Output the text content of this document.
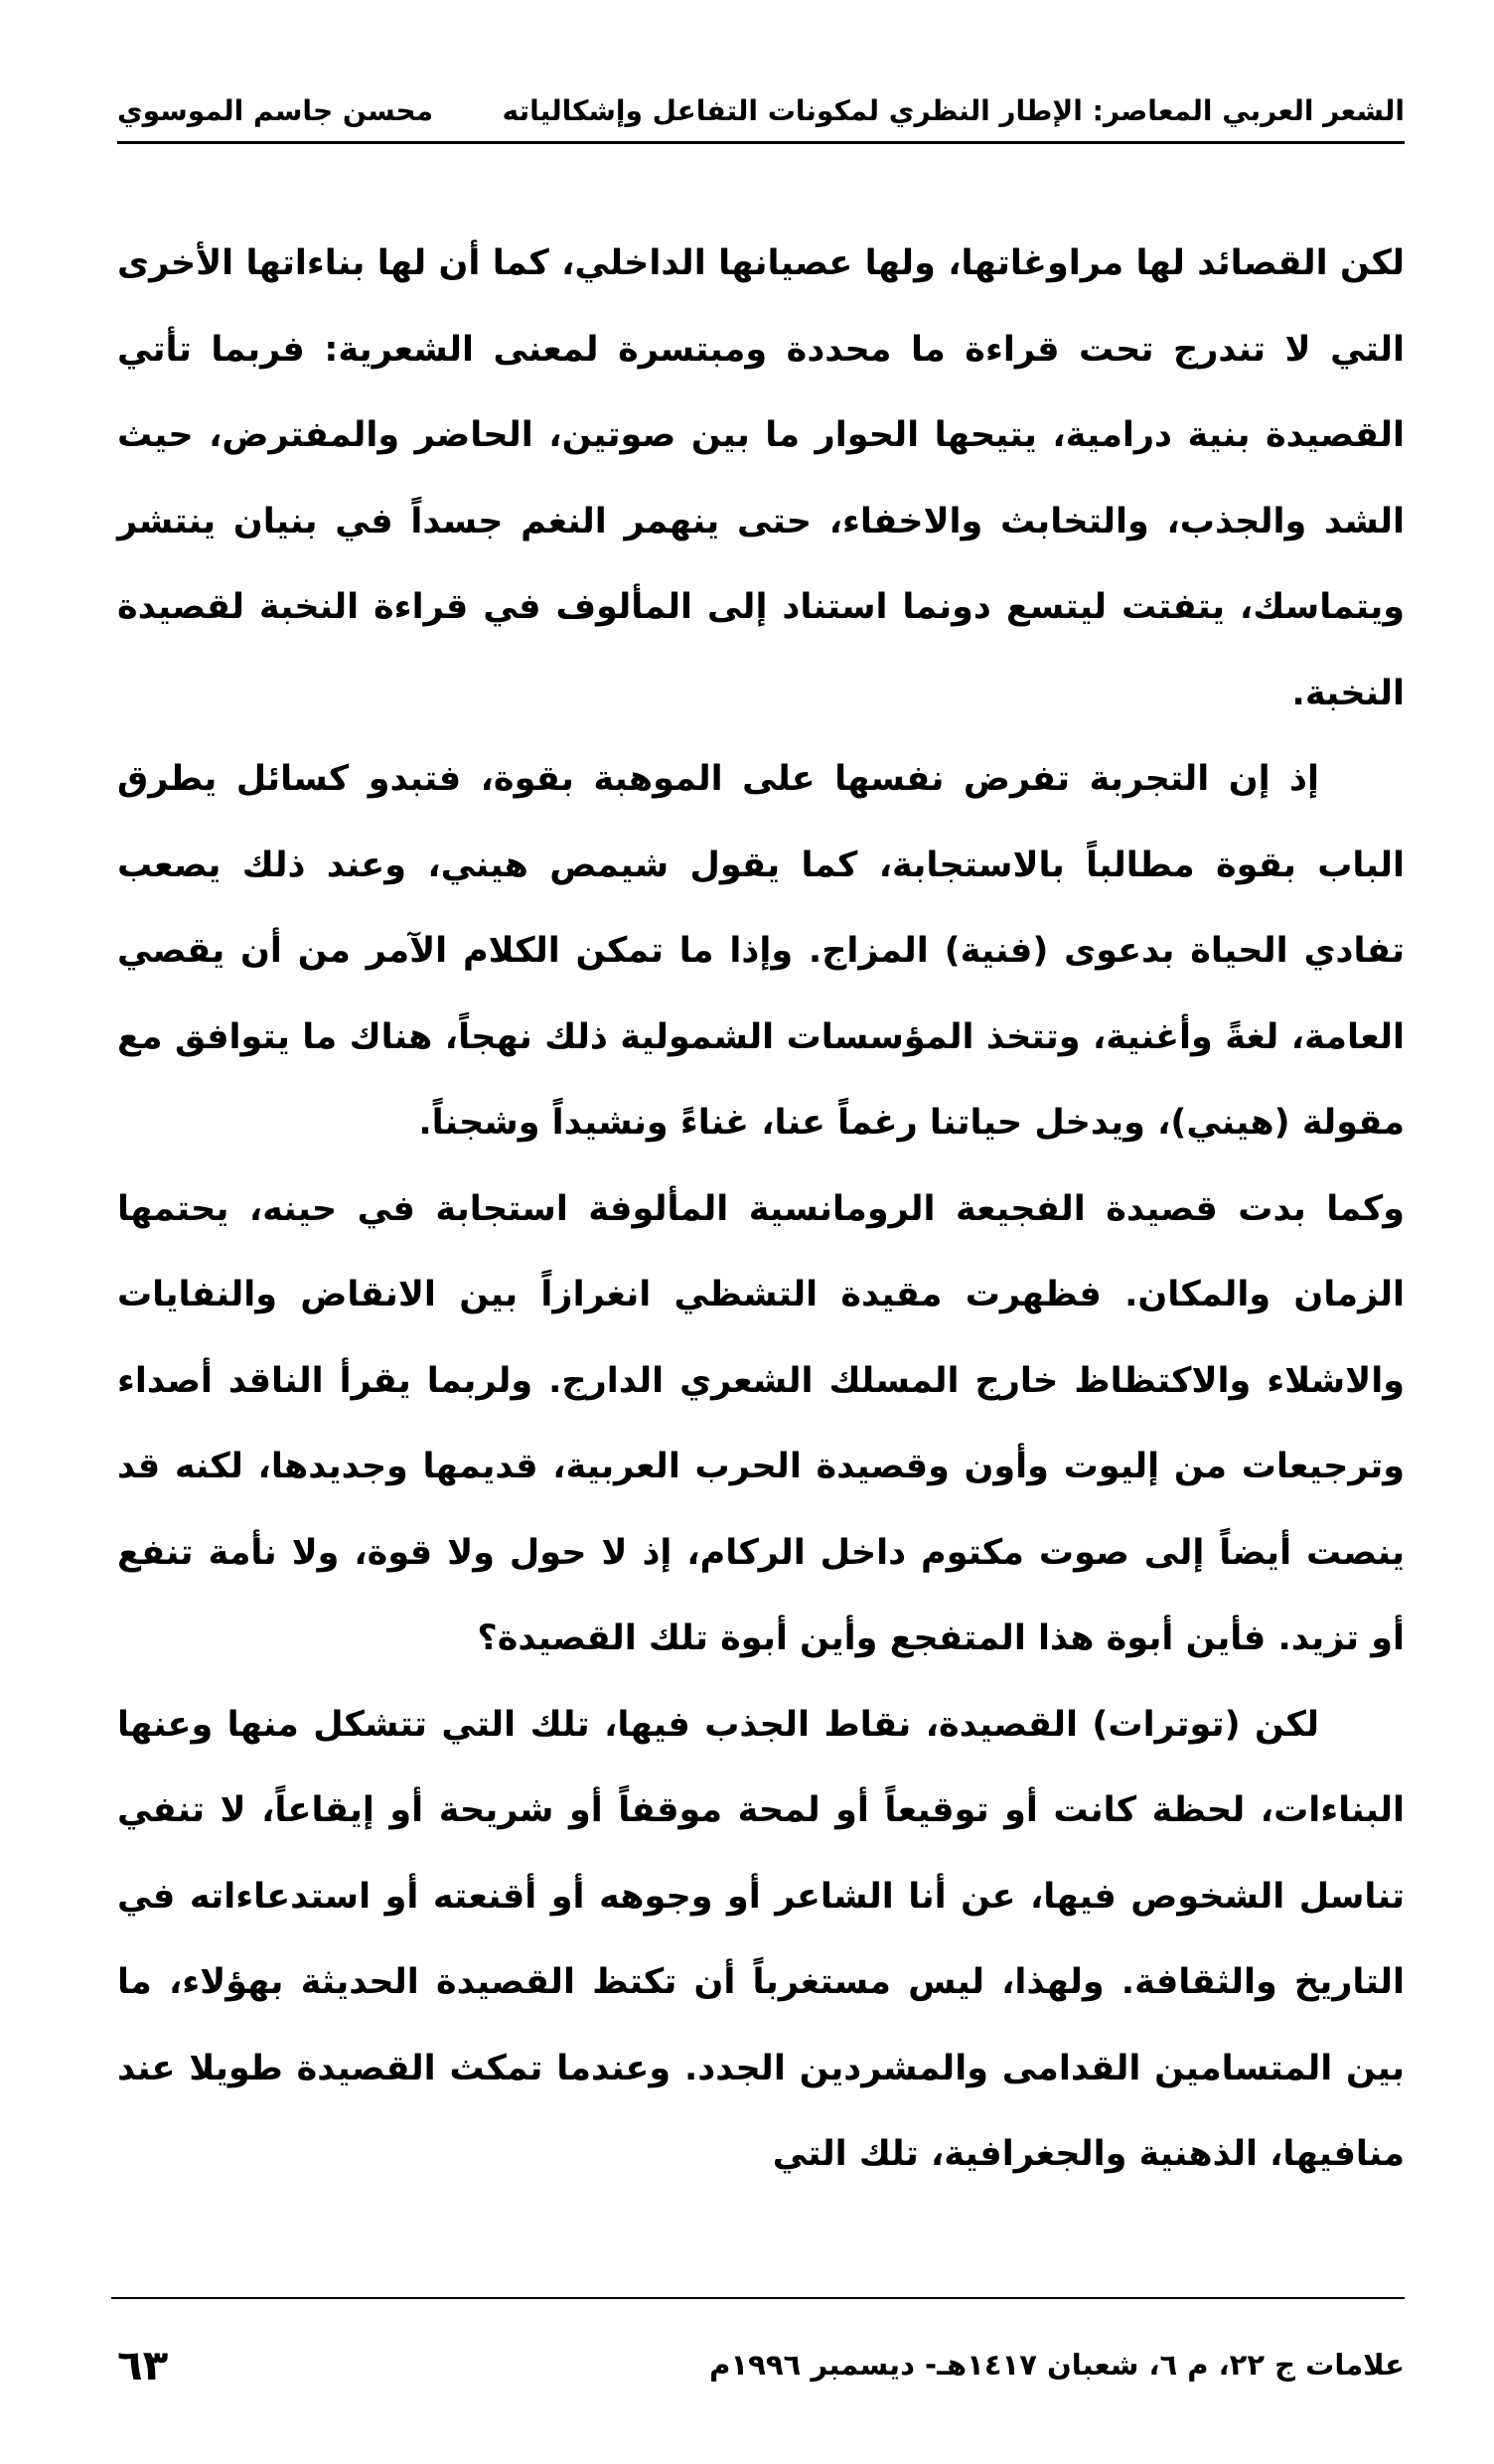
الشعر العربي المعاصر: الإطار النظري لمكونات التفاعل وإشكالياته
محسن جاسم الموسوي

لكن القصائد لها مراوغاتها، ولها عصيانها الداخلي، كما أن لها بناءاتها الأخرى التي لا تندرج تحت قراءة ما محددة ومبتسرة لمعنى الشعرية: فربما تأتي القصيدة بنية درامية، يتيحها الحوار ما بين صوتين، الحاضر والمفترض، حيث الشد والجذب، والتخابث والاخفاء، حتى ينهمر النغم جسداً في بنيان ينتشر ويتماسك، يتفتت ليتسع دونما استناد إلى المألوف في قراءة النخبة لقصيدة النخبة.

إذ إن التجربة تفرض نفسها على الموهبة بقوة، فتبدو كسائل يطرق الباب بقوة مطالباً بالاستجابة، كما يقول شيمص هيني، وعند ذلك يصعب تفادي الحياة بدعوى (فنية) المزاج. وإذا ما تمكن الكلام الآمر من أن يقصي العامة، لغةً وأغنية، وتتخذ المؤسسات الشمولية ذلك نهجاً، هناك ما يتوافق مع مقولة (هيني)، ويدخل حياتنا رغماً عنا، غناءً ونشيداً وشجناً.

وكما بدت قصيدة الفجيعة الرومانسية المألوفة استجابة في حينه، يحتمها الزمان والمكان. فظهرت مقيدة التشظي انغرازاً بين الانقاض والنفايات والاشلاء والاكتظاظ خارج المسلك الشعري الدارج. ولربما يقرأ الناقد أصداء وترجيعات من إليوت وأون وقصيدة الحرب العربية، قديمها وجديدها، لكنه قد ينصت أيضاً إلى صوت مكتوم داخل الركام، إذ لا حول ولا قوة، ولا نأمة تنفع أو تزيد. فأين أبوة هذا المتفجع وأين أبوة تلك القصيدة؟

لكن (توترات) القصيدة، نقاط الجذب فيها، تلك التي تتشكل منها وعنها البناءات، لحظة كانت أو توقيعاً أو لمحة موقفاً أو شريحة أو إيقاعاً، لا تنفي تناسل الشخوص فيها، عن أنا الشاعر أو وجوهه أو أقنعته أو استدعاءاته في التاريخ والثقافة. ولهذا، ليس مستغرباً أن تكتظ القصيدة الحديثة بهؤلاء، ما بين المتسامين القدامى والمشردين الجدد. وعندما تمكث القصيدة طويلا عند منافيها، الذهنية والجغرافية، تلك التي

علامات ج ٢٢، م ٦، شعبان ١٤١٧هـ- ديسمبر ١٩٩٦م
٦٣
